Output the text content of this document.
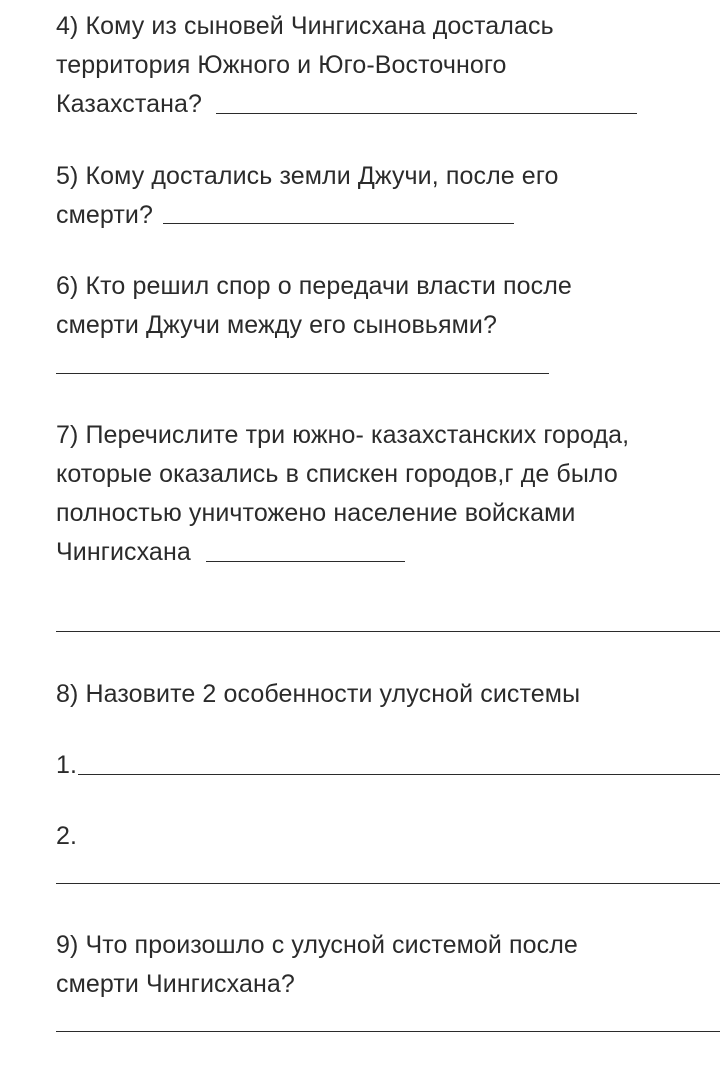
4) Кому из сыновей Чингисхана досталась
территория Южного и Юго-Восточного
Казахстана?
5) Кому достались земли Джучи, после его
смерти?
6) Кто решил спор о передачи власти после
смерти Джучи между его сыновьями?
7) Перечислите три южно- казахстанских города,
которые оказались в спискен городов,г де было
полностью уничтожено население войсками
Чингисхана
8) Назовите 2 особенности улусной системы
1.
2.
9) Что произошло с улусной системой после
смерти Чингисхана?
